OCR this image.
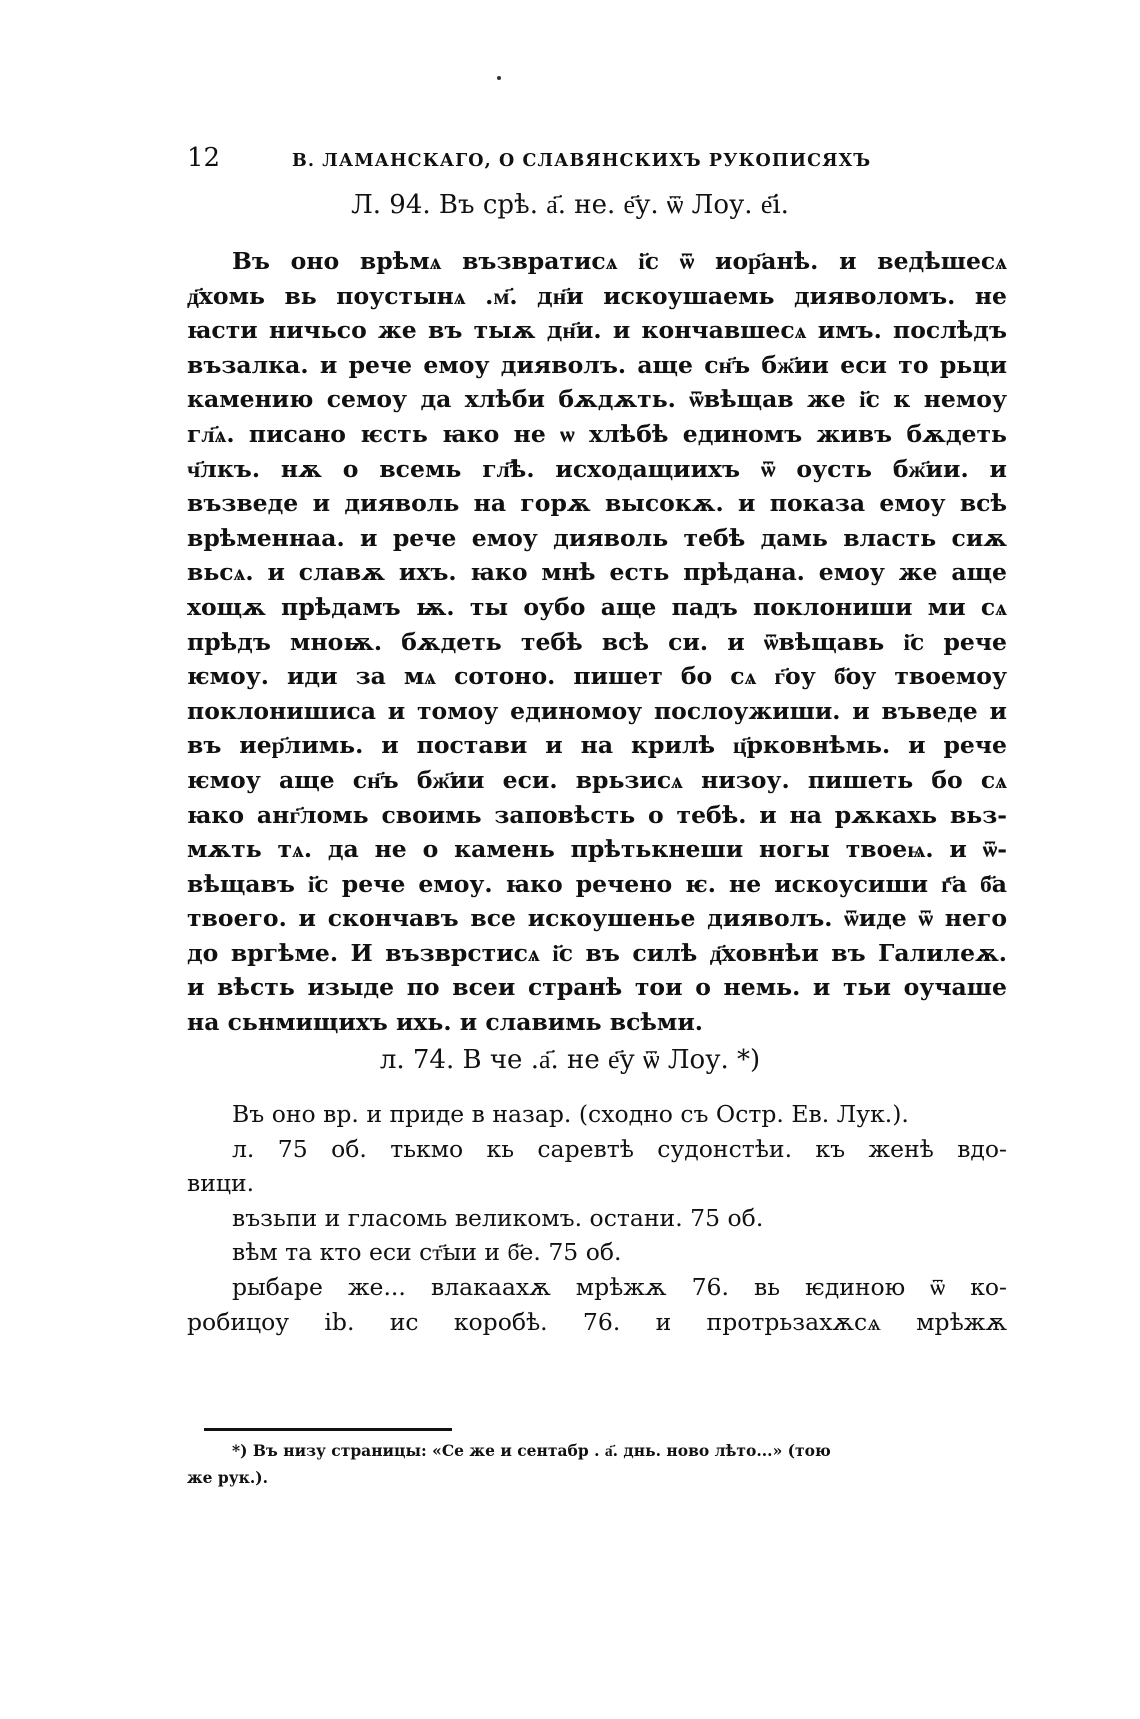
12	В. ЛАМАНСКАГО, О СЛАВЯНСКИХЪ РУКОПИСЯХЪ
Л. 94. Въ срѣ. а҃. не. е҃у. ѿ Лоу. е҃і.
Въ оно врѣмѧ възвратисѧ і҃с ѿ иор҃анѣ. и ведѣшесѧ
д҃хомь вь поустынѧ .м҃. дн҃и искоушаемь дияволомъ. не
ꙗсти ничьсо же въ тыѫ дн҃и. и кончавшесѧ имъ. послѣдъ
възалка. и рече емоу дияволъ. аще сн҃ъ бж҃ии еси то рьци
камению семоу да хлѣби бѫдѫть. ѿвѣщав же і҃с к немоу
гл҃ѧ. писано ѥсть ꙗко не ѡ хлѣбѣ единомъ живъ бѫдеть
ч҃лкъ. нѫ о всемь гл҃ѣ. исходащиихъ ѿ оусть бж҃ии. и
възведе и дияволь на горѫ высокѫ. и показа емоу всѣ
врѣменнаа. и рече емоу дияволь тебѣ дамь власть сиѫ
вьсѧ. и славѫ ихъ. ꙗко мнѣ есть прѣдана. емоу же аще
хощѫ прѣдамъ ѭ. ты оубо аще падъ поклониши ми сѧ
прѣдъ мноѭ. бѫдеть тебѣ всѣ си. и ѿвѣщавь і҃с рече
ѥмоу. иди за мѧ сотоно. пишет бо сѧ г҃оу б҃оу твоемоу
поклонишиса и томоу единомоу послоужиши. и въведе и
въ иер҃лимь. и постави и на крилѣ ц҃рковнѣмь. и рече
ѥмоу аще сн҃ъ бж҃ии еси. врьзисѧ низоу. пишеть бо сѧ
ꙗко анг҃ломь своимь заповѣсть о тебѣ. и на рѫкахь вьз-
мѫть тѧ. да не о камень прѣтькнеши ногы твоеѩ. и ѿ-
вѣщавъ і҃с рече емоу. ꙗко речено ѥ. не искоусиши г҃а б҃а
твоего. и скончавъ все искоушенье дияволъ. ѿиде ѿ него
до вргѣме. И възврстисѧ і҃с въ силѣ д҃ховнѣи въ Галилеѫ.
и вѣсть изыде по всеи странѣ тои о немь. и тьи оучаше
на сьнмищихъ ихь. и славимь всѣми.
л. 74. В че .а҃. не е҃у ѿ Лоу. *)
Въ оно вр. и приде в назар. (сходно съ Остр. Ев. Лук.).
л. 75 об. тькмо кь саревтѣ судонстѣи. къ женѣ вдо-
вици.
възьпи и гласомь великомъ. остани. 75 об.
вѣм та кто еси ст҃ыи и б҃е. 75 об.
рыбаре же... влакаахѫ мрѣжѫ 76. вь ѥдиною ѿ ко-
робицоу ib. ис коробѣ. 76. и протрьзахѫсѧ мрѣжѫ
*) Въ низу страницы: «Се же и сентабр . а҃. днь. ново лѣто...» (тою
же рук.).
